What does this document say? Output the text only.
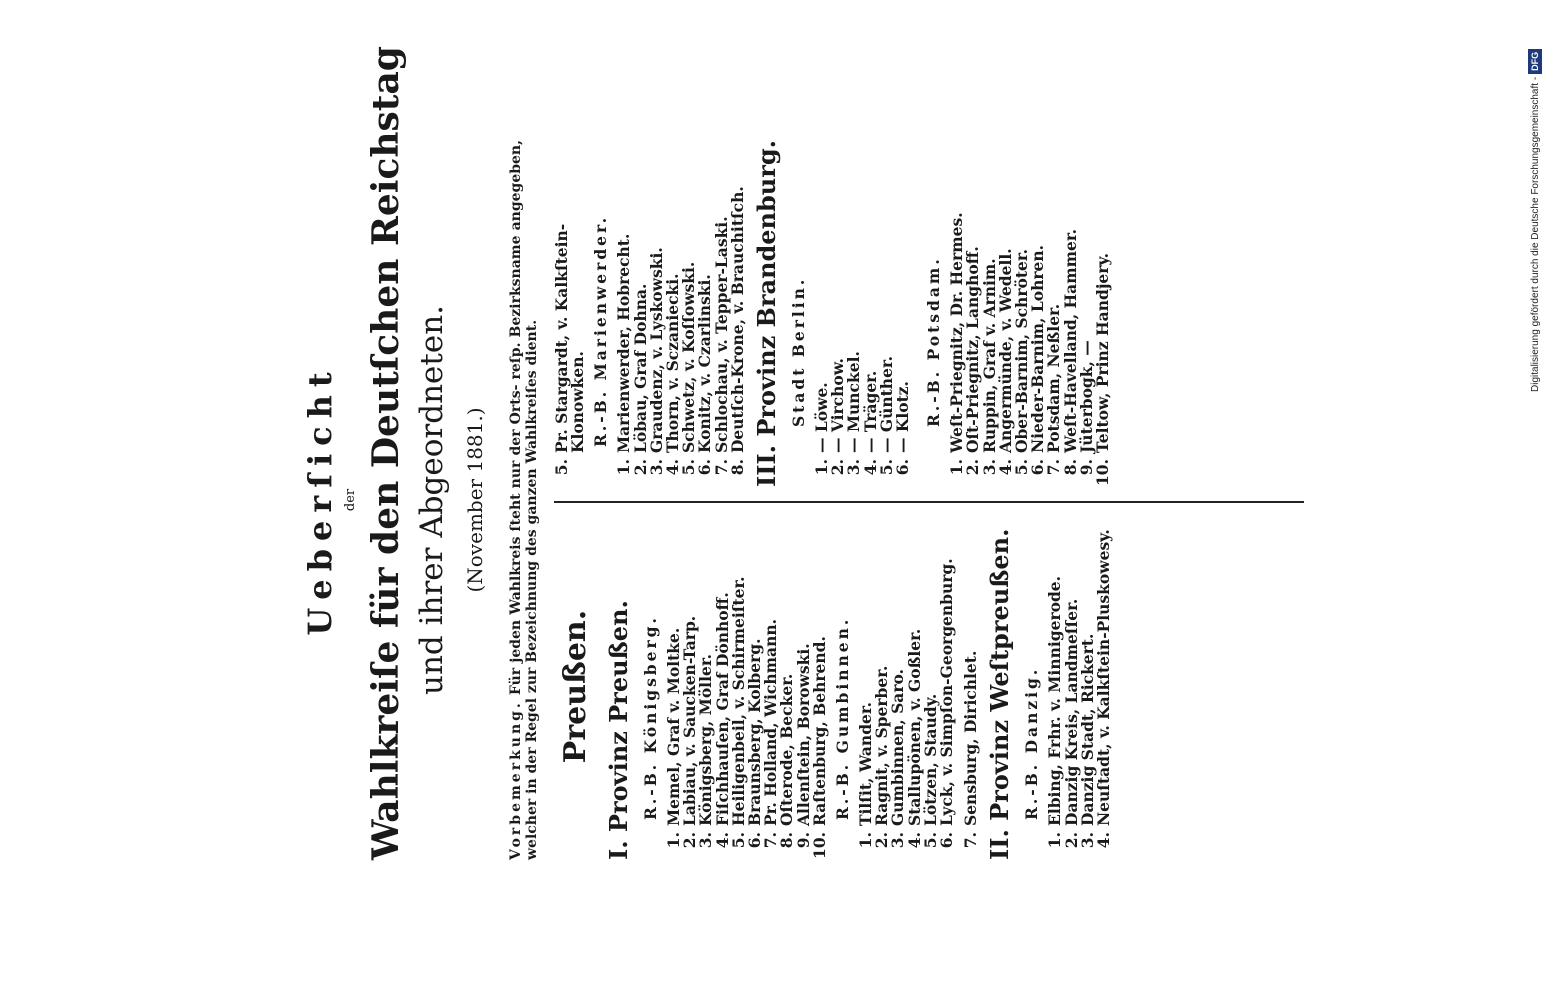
Ueberſicht der Wahlkreiſe für den Deutſchen Reichstag und ihrer Abgeordneten. (November 1881.)

Vorbemerkung. Für jeden Wahlkreis ſteht nur der Orts- reſp. Bezirksname angegeben, welcher in der Regel zur Bezeichnung des ganzen Wahlkreiſes dient. Preußen. I. Provinz Preußen. R.-B. Königsberg.
1.
Memel, Graf v. Moltke.
2.
Labiau, v. Saucken-Tarp.
3.
Königsberg, Möller.
4.
Fiſchhauſen, Graf Dönhoff.
5.
Heiligenbeil, v. Schirmeiſter.
6.
Braunsberg, Kolberg.
7.
Pr. Holland, Wichmann.
8.
Oſterode, Becker.
9.
Allenſtein, Borowski.
10.
Raſtenburg, Behrend. R.-B. Gumbinnen.
1.
Tilſit, Wander.
2.
Ragnit, v. Sperber.
3.
Gumbinnen, Saro.
4.
Stallupönen, v. Goßler.
5.
Lötzen, Staudy.
6.
Lyck, v. Simpſon-Georgenburg.
7.
Sensburg, Dirichlet. II. Provinz Weſtpreußen. R.-B. Danzig.
1.
Elbing, Frhr. v. Minnigerode.
2.
Danzig Kreis, Landmeſſer.
3.
Danzig Stadt, Rickert.
4.
Neuſtadt, v. Kalkſtein-Pluskowesy.
5.
Pr. Stargardt, v. Kalkſtein-Klonowken. R.-B. Marienwerder.
1.
Marienwerder, Hobrecht.
2.
Löbau, Graf Dohna.
3.
Graudenz, v. Lyskowski.
4.
Thorn, v. Sczaniecki.
5.
Schwetz, v. Koſſowski.
6.
Konitz, v. Czarlinski.
7.
Schlochau, v. Tepper-Laski.
8.
Deutſch-Krone, v. Brauchitſch. III. Provinz Brandenburg. Stadt Berlin.
1.
— Löwe.
2.
— Virchow.
3.
— Munckel.
4.
— Träger.
5.
— Günther.
6.
— Klotz. R.-B. Potsdam.
1.
Weſt-Priegnitz, Dr. Hermes.
2.
Oſt-Priegnitz, Langhoff.
3.
Ruppin, Graf v. Arnim.
4.
Angermünde, v. Wedell.
5.
Ober-Barnim, Schröter.
6.
Nieder-Barnim, Lohren.
7.
Potsdam, Neßler.
8.
Weſt-Havelland, Hammer.
9.
Jüterbogk, —
10.
Teltow, Prinz Handjery.	Digitalisierung gefördert durch die Deutsche Forschungsgemeinschaft -DFG
